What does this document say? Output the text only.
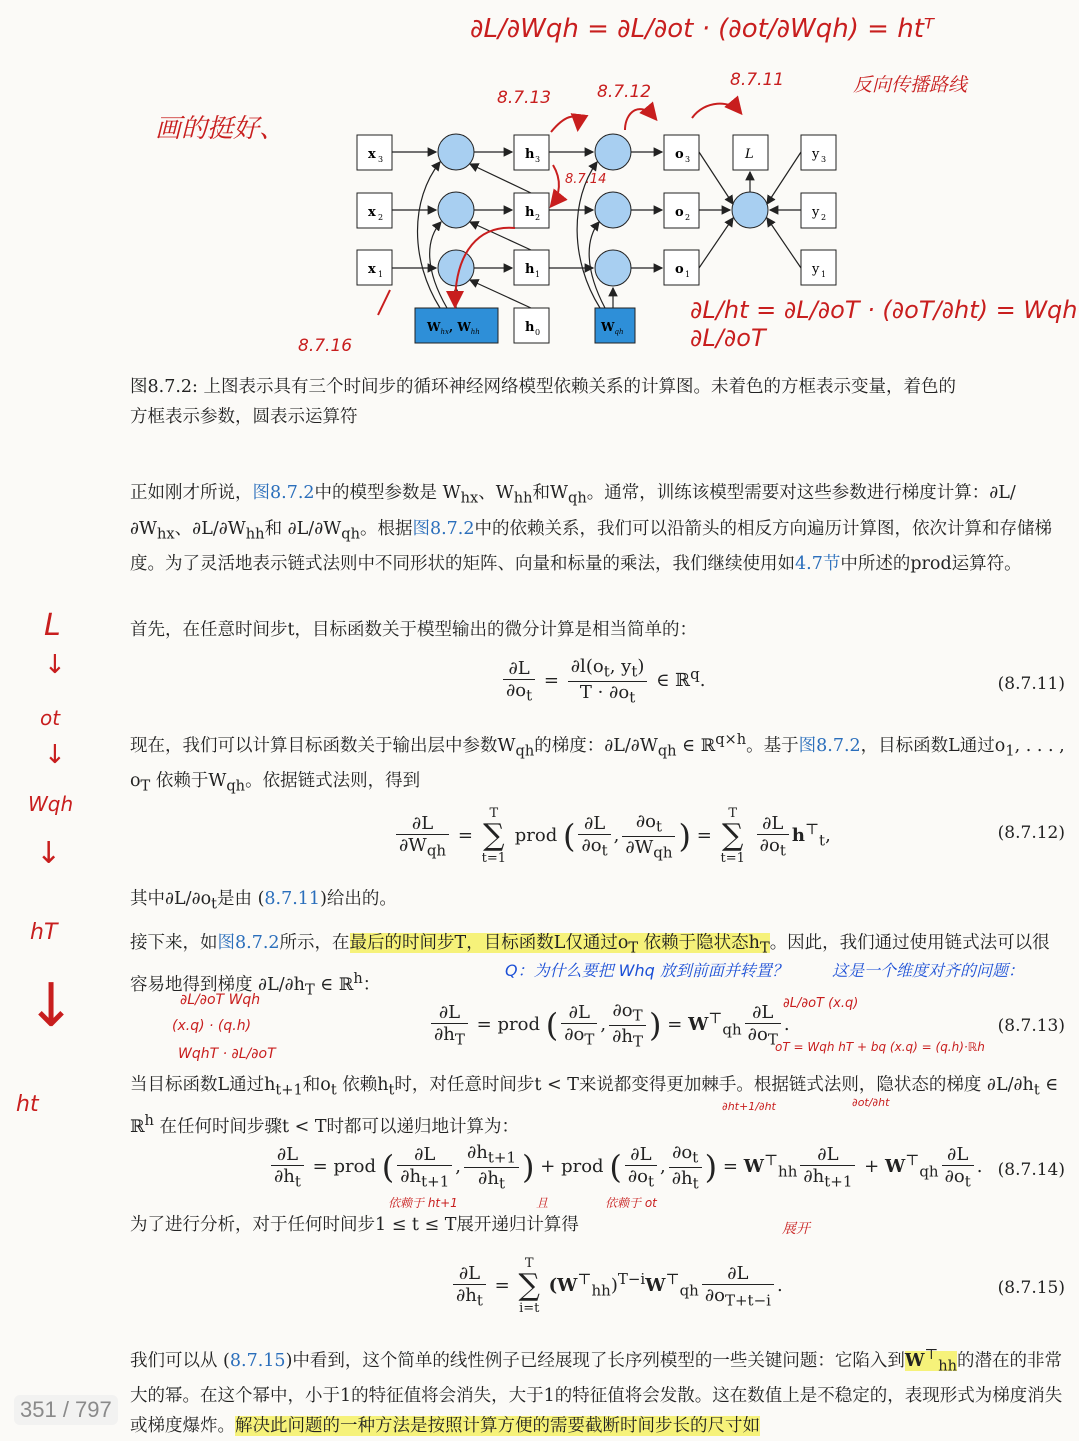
x 3
x 2
x 1
h 3
h 2
h 1
h 0
o 3
o 2
o 1
L	y 3
y 2
y 1
$W_{hx}$, $W_{hh}$	$W_{qh}$
∂L/∂Wqh = ∂L/∂ot · (∂ot/∂Wqh) = htᵀ
画的挺好、
8.7.13	8.7.12
8.7.11
8.7.14
8.7.16
反向传播路线
∂L/ht = ∂L/∂oT · (∂oT/∂ht) = Wqh ∂L/∂oT
图8.7.2: 上图表示具有三个时间步的循环神经网络模型依赖关系的计算图。未着色的方框表示变量，着色的
方框表示参数，圆表示运算符
L
↓
ot
↓
Wqh
↓
hT
↓
ht
正如刚才所说，图8.7.2中的模型参数是 $W_{hx}$、$W_{hh}$和$W_{qh}$。通常，训练该模型需要对这些参数进行梯度计算：$\partial L/\partial W_{hx}$、$\partial L/\partial W_{hh}$和 $\partial L/\partial W_{qh}$。根据图8.7.2中的依赖关系，我们可以沿箭头的相反方向遍历计算图，依次计算和存储梯度。为了灵活地表示链式法则中不同形状的矩阵、向量和标量的乘法，我们继续使用如4.7节中所述的prod运算符。
首先，在任意时间步t，目标函数关于模型输出的微分计算是相当简单的：
$\frac{\partial L}{\partial o_t} = \frac{\partial l(o_t, y_t)}{T \cdot \partial o_t}$ ∈ ℝ$^q$.	(8.7.11)
现在，我们可以计算目标函数关于输出层中参数$W_{qh}$的梯度：$\partial L/\partial W_{qh}$ ∈ ℝ$^{q\times h}$。基于图8.7.2，目标函数L通过$o_1$, . . . , $o_T$ 依赖于$W_{qh}$。依据链式法则，得到
$\frac{\partial L}{\partial W_{qh}}$ =
T
∑
t=1
prod ( $\frac{\partial L}{\partial o_t}$ , $\frac{\partial o_t}{\partial W_{qh}}$ ) =
T
∑
t=1
$\frac{\partial L}{\partial o_t} h^⊤_t$,	(8.7.12)
其中$\partial L/\partial o_t$是由 (8.7.11)给出的。
接下来，如图8.7.2所示，在最后的时间步T，目标函数L仅通过$o_T$ 依赖于隐状态$h_T$。因此，我们通过使用链式法可以很容易地得到梯度 $\partial L/\partial h_T$ ∈ ℝ$^h$：
Q：为什么要把 Whq 放到前面并转置？	这是一个维度对齐的问题：
∂L/∂oT Wqh
(x.q) · (q.h)
WqhT · ∂L/∂oT
∂L/∂oT (x.q)
oT = Wqh hT + bq (x.q) = (q.h)·ℝh
$\frac{\partial L}{\partial h_T}$ = prod ( $\frac{\partial L}{\partial o_T}$ , $\frac{\partial o_T}{\partial h_T}$ ) = $W^⊤_{qh} \frac{\partial L}{\partial o_T}$ .	(8.7.13)
当目标函数L通过$h_{t+1}$和$o_t$ 依赖$h_t$时，对任意时间步t < T来说都变得更加棘手。根据链式法则，隐状态的梯度 $\partial L/\partial h_t$ ∈ ℝ$^h$ 在任何时间步骤t < T时都可以递归地计算为：
∂ht+1/∂ht	∂ot/∂ht
$\frac{\partial L}{\partial h_t}$ = prod ( $\frac{\partial L}{\partial h_{t+1}}$ , $\frac{\partial h_{t+1}}{\partial h_t}$ ) + prod ( $\frac{\partial L}{\partial o_t}$ , $\frac{\partial o_t}{\partial h_t}$ ) = $W^⊤_{hh} \frac{\partial L}{\partial h_{t+1}} + W^⊤_{qh} \frac{\partial L}{\partial o_t}$ . (8.7.14)
依赖于 ht+1	且	依赖于 ot
展开
为了进行分析，对于任何时间步1 ≤ t ≤ T展开递归计算得
$\frac{\partial L}{\partial h_t}$ =
T
∑
i=t
$(W^⊤_{hh})^{T-i}W^⊤_{qh} \frac{\partial L}{\partial o_{T+t-i}}$ .	(8.7.15)
我们可以从 (8.7.15)中看到，这个简单的线性例子已经展现了长序列模型的一些关键问题：它陷入到$W^⊤_{hh}$的潜在的非常大的幂。在这个幂中，小于1的特征值将会消失，大于1的特征值将会发散。这在数值上是不稳定的，表现形式为梯度消失或梯度爆炸。解决此问题的一种方法是按照计算方便的需要截断时间步长的尺寸如
351 / 797
